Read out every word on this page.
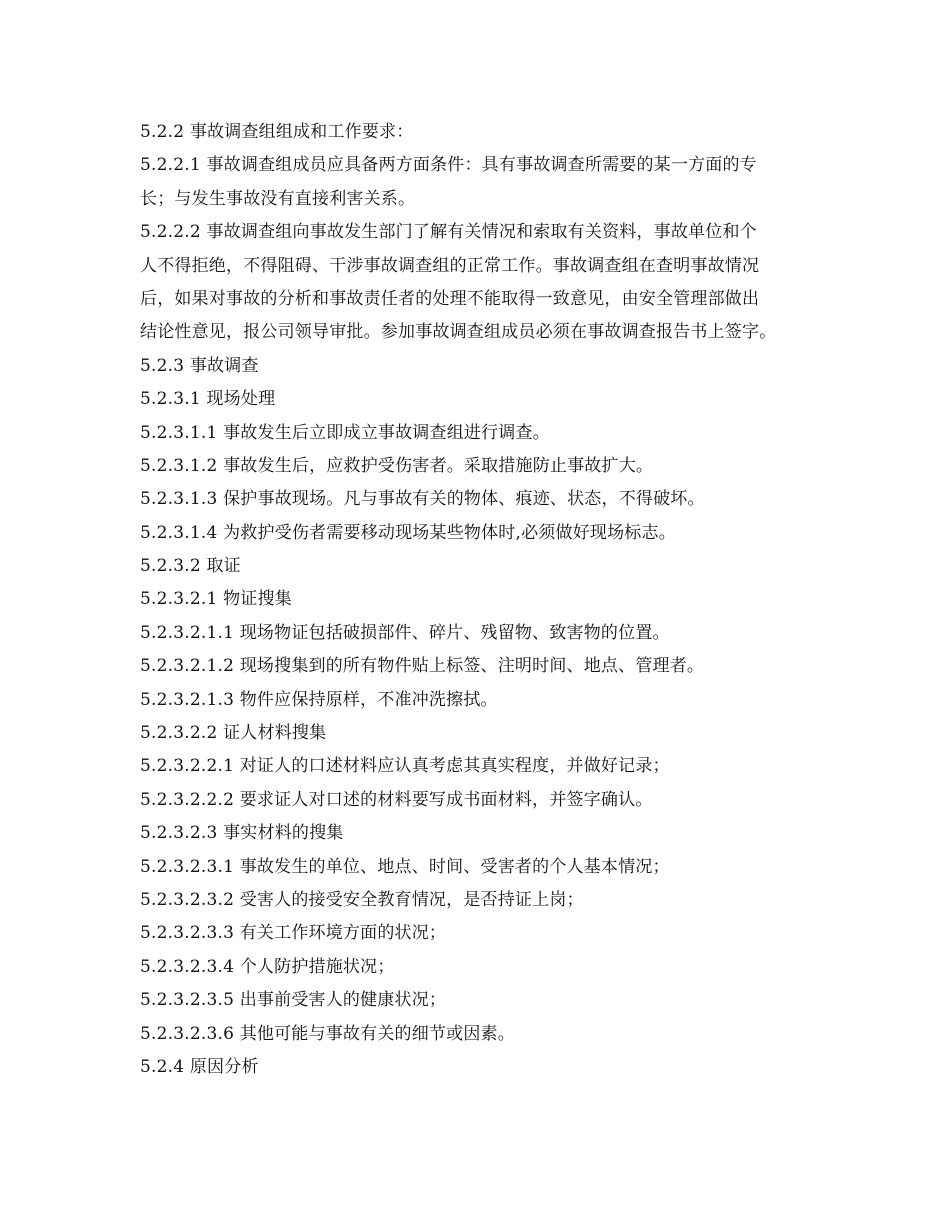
5.2.2 事故调查组组成和工作要求：
5.2.2.1 事故调查组成员应具备两方面条件：具有事故调查所需要的某一方面的专
长；与发生事故没有直接利害关系。
5.2.2.2 事故调查组向事故发生部门了解有关情况和索取有关资料，事故单位和个
人不得拒绝，不得阻碍、干涉事故调查组的正常工作。事故调查组在查明事故情况
后，如果对事故的分析和事故责任者的处理不能取得一致意见，由安全管理部做出
结论性意见，报公司领导审批。参加事故调查组成员必须在事故调查报告书上签字。
5.2.3 事故调查
5.2.3.1 现场处理
5.2.3.1.1 事故发生后立即成立事故调查组进行调查。
5.2.3.1.2 事故发生后，应救护受伤害者。采取措施防止事故扩大。
5.2.3.1.3 保护事故现场。凡与事故有关的物体、痕迹、状态，不得破坏。
5.2.3.1.4 为救护受伤者需要移动现场某些物体时,必须做好现场标志。
5.2.3.2 取证
5.2.3.2.1 物证搜集
5.2.3.2.1.1 现场物证包括破损部件、碎片、残留物、致害物的位置。
5.2.3.2.1.2 现场搜集到的所有物件贴上标签、注明时间、地点、管理者。
5.2.3.2.1.3 物件应保持原样，不准冲洗擦拭。
5.2.3.2.2 证人材料搜集
5.2.3.2.2.1 对证人的口述材料应认真考虑其真实程度，并做好记录；
5.2.3.2.2.2 要求证人对口述的材料要写成书面材料，并签字确认。
5.2.3.2.3 事实材料的搜集
5.2.3.2.3.1 事故发生的单位、地点、时间、受害者的个人基本情况；
5.2.3.2.3.2 受害人的接受安全教育情况，是否持证上岗；
5.2.3.2.3.3 有关工作环境方面的状况；
5.2.3.2.3.4 个人防护措施状况；
5.2.3.2.3.5 出事前受害人的健康状况；
5.2.3.2.3.6 其他可能与事故有关的细节或因素。
5.2.4 原因分析
